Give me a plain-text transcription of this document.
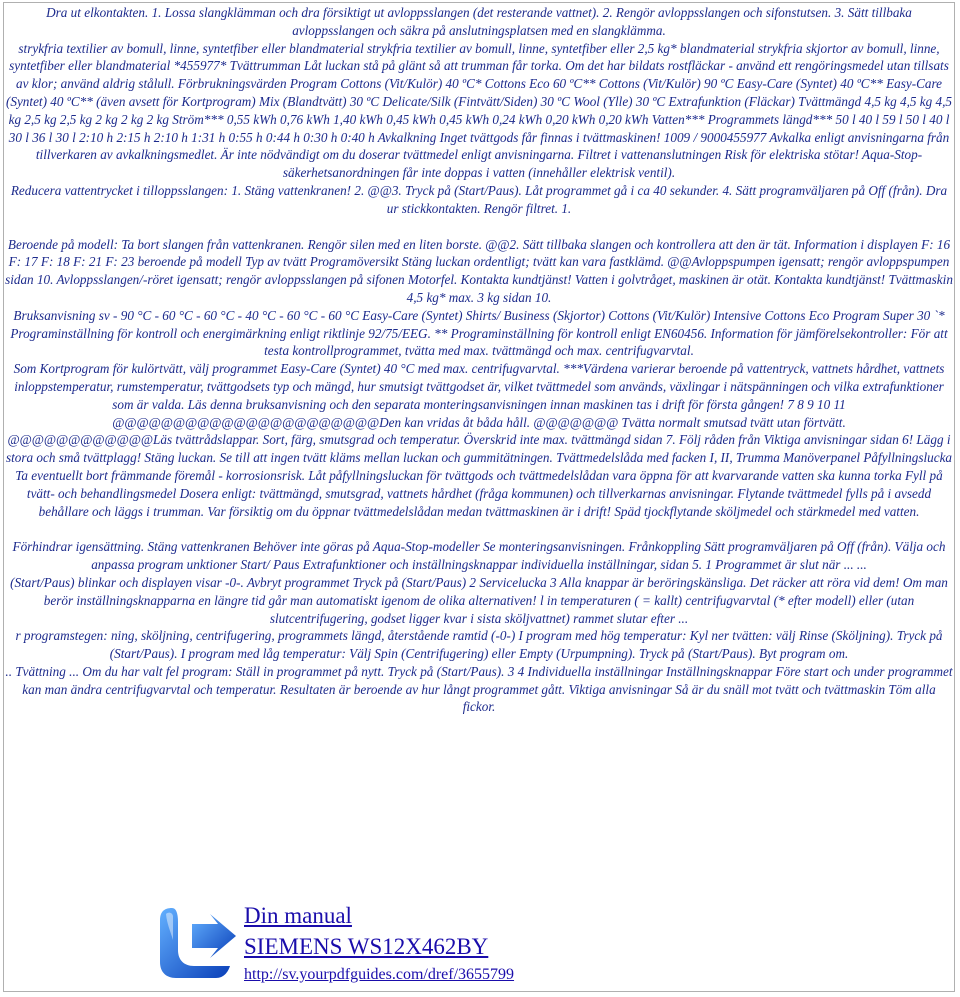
Dra ut elkontakten. 1. Lossa slangklämman och dra försiktigt ut avloppsslangen (det resterande vattnet). 2. Rengör avloppsslangen och sifonstutsen. 3. Sätt tillbaka avloppsslangen och säkra på anslutningsplatsen med en slangklämma.

strykfria textilier av bomull, linne, syntetfiber eller blandmaterial strykfria textilier av bomull, linne, syntetfiber eller 2,5 kg* blandmaterial strykfria skjortor av bomull, linne, syntetfiber eller blandmaterial *455977* Tvättrumman Låt luckan stå på glänt så att trumman får torka. Om det har bildats rostfläckar - använd ett rengöringsmedel utan tillsats av klor; använd aldrig stålull. Förbrukningsvärden Program Cottons (Vit/Kulör) 40 ºC* Cottons Eco 60 ºC** Cottons (Vit/Kulör) 90 ºC Easy-Care (Syntet) 40 ºC** Easy-Care (Syntet) 40 ºC** (även avsett för Kortprogram) Mix (Blandtvätt) 30 ºC Delicate/Silk (Fintvätt/Siden) 30 ºC Wool (Ylle) 30 ºC Extrafunktion (Fläckar) Tvättmängd 4,5 kg 4,5 kg 4,5 kg 2,5 kg 2,5 kg 2 kg 2 kg 2 kg Ström*** 0,55 kWh 0,76 kWh 1,40 kWh 0,45 kWh 0,45 kWh 0,24 kWh 0,20 kWh 0,20 kWh Vatten*** Programmets längd*** 50 l 40 l 59 l 50 l 40 l 30 l 36 l 30 l 2:10 h 2:15 h 2:10 h 1:31 h 0:55 h 0:44 h 0:30 h 0:40 h Avkalkning Inget tvättgods får finnas i tvättmaskinen! 1009 / 9000455977 Avkalka enligt anvisningarna från tillverkaren av avkalkningsmedlet. Är inte nödvändigt om du doserar tvättmedel enligt anvisningarna. Filtret i vattenanslutningen Risk för elektriska stötar! Aqua-Stop-säkerhetsanordningen får inte doppas i vatten (innehåller elektrisk ventil).

Reducera vattentrycket i tilloppsslangen: 1. Stäng vattenkranen! 2. @@3. Tryck på (Start/Paus). Låt programmet gå i ca 40 sekunder. 4. Sätt programväljaren på Off (från). Dra ur stickkontakten. Rengör filtret. 1.

Beroende på modell: Ta bort slangen från vattenkranen. Rengör silen med en liten borste. @@2. Sätt tillbaka slangen och kontrollera att den är tät. Information i displayen F: 16 F: 17 F: 18 F: 21 F: 23 beroende på modell Typ av tvätt Programöversikt Stäng luckan ordentligt; tvätt kan vara fastklämd. @@Avloppspumpen igensatt; rengör avloppspumpen sidan 10. Avloppsslangen/-röret igensatt; rengör avloppsslangen på sifonen Motorfel. Kontakta kundtjänst! Vatten i golvtråget, maskinen är otät. Kontakta kundtjänst! Tvättmaskin 4,5 kg* max. 3 kg sidan 10.

Bruksanvisning sv - 90 °C - 60 °C - 60 °C - 40 °C - 60 °C - 60 °C Easy-Care (Syntet) Shirts/ Business (Skjortor) Cottons (Vit/Kulör) Intensive Cottons Eco Program Super 30 `* Programinställning för kontroll och energimärkning enligt riktlinje 92/75/EEG. ** Programinställning för kontroll enligt EN60456. Information för jämförelsekontroller: För att testa kontrollprogrammet, tvätta med max. tvättmängd och max. centrifugvarvtal.

Som Kortprogram för kulörtvätt, välj programmet Easy-Care (Syntet) 40 °C med max. centrifugvarvtal. ***Värdena varierar beroende på vattentryck, vattnets hårdhet, vattnets inloppstemperatur, rumstemperatur, tvättgodsets typ och mängd, hur smutsigt tvättgodset är, vilket tvättmedel som används, växlingar i nätspänningen och vilka extrafunktioner som är valda. Läs denna bruksanvisning och den separata monteringsanvisningen innan maskinen tas i drift för första gången! 7 8 9 10 11 @@@@@@@@@@@@@@@@@@@@@@Den kan vridas åt båda håll. @@@@@@@ Tvätta normalt smutsad tvätt utan förtvätt.

@@@@@@@@@@@@Läs tvättrådslappar. Sort, färg, smutsgrad och temperatur. Överskrid inte max. tvättmängd sidan 7. Följ råden från Viktiga anvisningar sidan 6! Lägg i stora och små tvättplagg! Stäng luckan. Se till att ingen tvätt kläms mellan luckan och gummitätningen. Tvättmedelslåda med facken I, II, Trumma Manöverpanel Påfyllningslucka Ta eventuellt bort främmande föremål - korrosionsrisk. Låt påfyllningsluckan för tvättgods och tvättmedelslådan vara öppna för att kvarvarande vatten ska kunna torka Fyll på tvätt- och behandlingsmedel Dosera enligt: tvättmängd, smutsgrad, vattnets hårdhet (fråga kommunen) och tillverkarnas anvisningar. Flytande tvättmedel fylls på i avsedd behållare och läggs i trumman. Var försiktig om du öppnar tvättmedelslådan medan tvättmaskinen är i drift! Späd tjockflytande sköljmedel och stärkmedel med vatten.

Förhindrar igensättning. Stäng vattenkranen Behöver inte göras på Aqua-Stop-modeller Se monteringsanvisningen. Frånkoppling Sätt programväljaren på Off (från). Välja och anpassa program unktioner Start/ Paus Extrafunktioner och inställningsknappar individuella inställningar, sidan 5. 1 Programmet är slut när ... ...

(Start/Paus) blinkar och displayen visar -0-. Avbryt programmet Tryck på (Start/Paus) 2 Servicelucka 3 Alla knappar är beröringskänsliga. Det räcker att röra vid dem! Om man berör inställningsknapparna en längre tid går man automatiskt igenom de olika alternativen! l in temperaturen ( = kallt) centrifugvarvtal (* efter modell) eller (utan slutcentrifugering, godset ligger kvar i sista sköljvattnet) rammet slutar efter ...

r programstegen: ning, sköljning, centrifugering, programmets längd, återstående ramtid (-0-) I program med hög temperatur: Kyl ner tvätten: välj Rinse (Sköljning). Tryck på (Start/Paus). I program med låg temperatur: Välj Spin (Centrifugering) eller Empty (Urpumpning). Tryck på (Start/Paus). Byt program om.

.. Tvättning ... Om du har valt fel program: Ställ in programmet på nytt. Tryck på (Start/Paus). 3 4 Individuella inställningar Inställningsknappar Före start och under programmet kan man ändra centrifugvarvtal och temperatur. Resultaten är beroende av hur långt programmet gått. Viktiga anvisningar Så är du snäll mot tvätt och tvättmaskin Töm alla fickor.

Din manual
SIEMENS WS12X462BY
http://sv.yourpdfguides.com/dref/3655799
